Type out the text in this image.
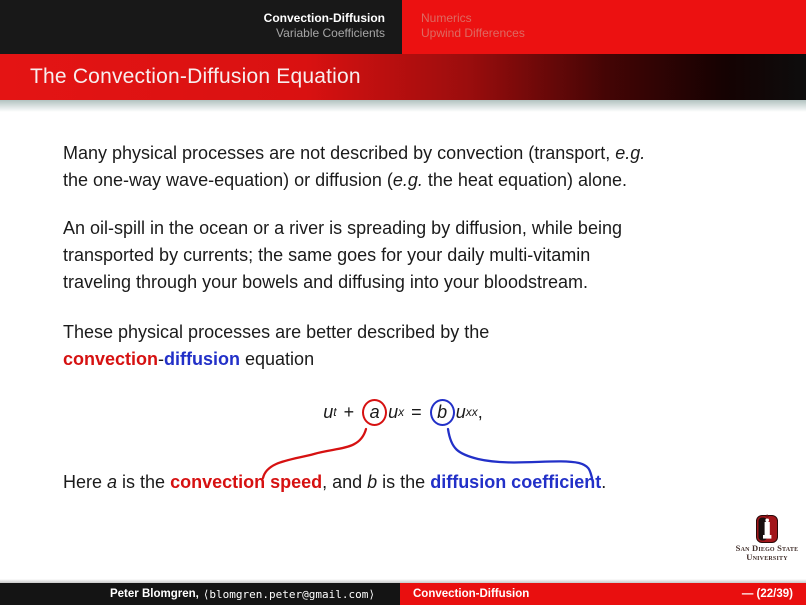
Convection-Diffusion
Variable Coefficients
Numerics
Upwind Differences
The Convection-Diffusion Equation
Many physical processes are not described by convection (transport, e.g.
the one-way wave-equation) or diffusion (e.g. the heat equation) alone.
An oil-spill in the ocean or a river is spreading by diffusion, while being
transported by currents; the same goes for your daily multi-vitamin
traveling through your bowels and diffusing into your bloodstream.
These physical processes are better described by the
convection-diffusion equation
u t + a u x = b u xx ,
Here a is the convection speed, and b is the diffusion coefficient.
San Diego State
University
Peter Blomgren, ⟨blomgren.peter@gmail.com⟩	Convection-Diffusion	— (22/39)
